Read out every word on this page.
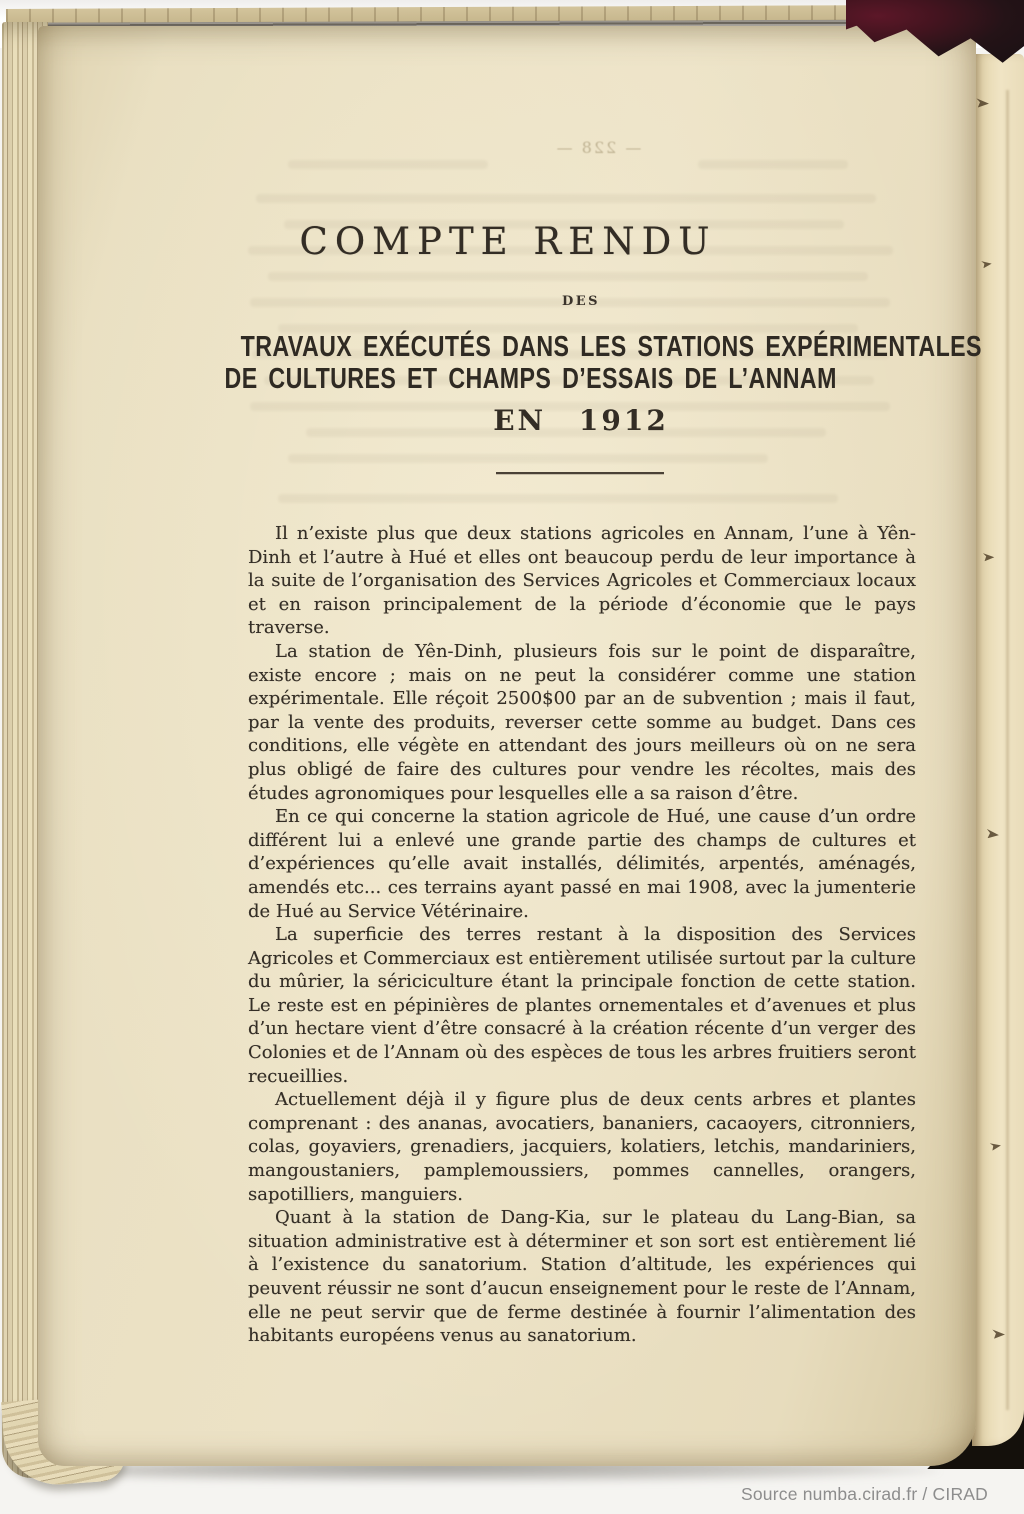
— 228 —
COMPTE RENDU
DES
TRAVAUX EXÉCUTÉS DANS LES STATIONS EXPÉRIMENTALES
DE CULTURES ET CHAMPS D’ESSAIS DE L’ANNAM
EN 1912

Il n’existe plus que deux stations agricoles en Annam, l’une à Yên-Dinh et l’autre à Hué et elles ont beaucoup perdu de leur importance à la suite de l’organisation des Services Agricoles et Commerciaux locaux et en raison principalement de la période d’économie que le pays traverse.

La station de Yên-Dinh, plusieurs fois sur le point de disparaître, existe encore ; mais on ne peut la considérer comme une station expérimentale. Elle réçoit 2500$00 par an de subvention ; mais il faut, par la vente des produits, reverser cette somme au budget. Dans ces conditions, elle végète en attendant des jours meilleurs où on ne sera plus obligé de faire des cultures pour vendre les récoltes, mais des études agronomiques pour lesquelles elle a sa raison d’être.

En ce qui concerne la station agricole de Hué, une cause d’un ordre différent lui a enlevé une grande partie des champs de cultures et d’expériences qu’elle avait installés, délimités, arpentés, aménagés, amendés etc... ces terrains ayant passé en mai 1908, avec la jumenterie de Hué au Service Vétérinaire.

La superficie des terres restant à la disposition des Services Agricoles et Commerciaux est entièrement utilisée surtout par la culture du mûrier, la sériciculture étant la principale fonction de cette station. Le reste est en pépinières de plantes ornementales et d’avenues et plus d’un hectare vient d’être consacré à la création récente d’un verger des Colonies et de l’Annam où des espèces de tous les arbres fruitiers seront recueillies.

Actuellement déjà il y figure plus de deux cents arbres et plantes comprenant : des ananas, avocatiers, bananiers, cacaoyers, citronniers, colas, goyaviers, grenadiers, jacquiers, kolatiers, letchis, mandariniers, mangoustaniers, pamplemoussiers, pommes cannelles, orangers, sapotilliers, manguiers.

Quant à la station de Dang-Kia, sur le plateau du Lang-Bian, sa situation administrative est à déterminer et son sort est entièrement lié à l’existence du sanatorium. Station d’altitude, les expériences qui peuvent réussir ne sont d’aucun enseignement pour le reste de l’Annam, elle ne peut servir que de ferme destinée à fournir l’alimentation des habitants européens venus au sanatorium.

Source numba.cirad.fr / CIRAD
